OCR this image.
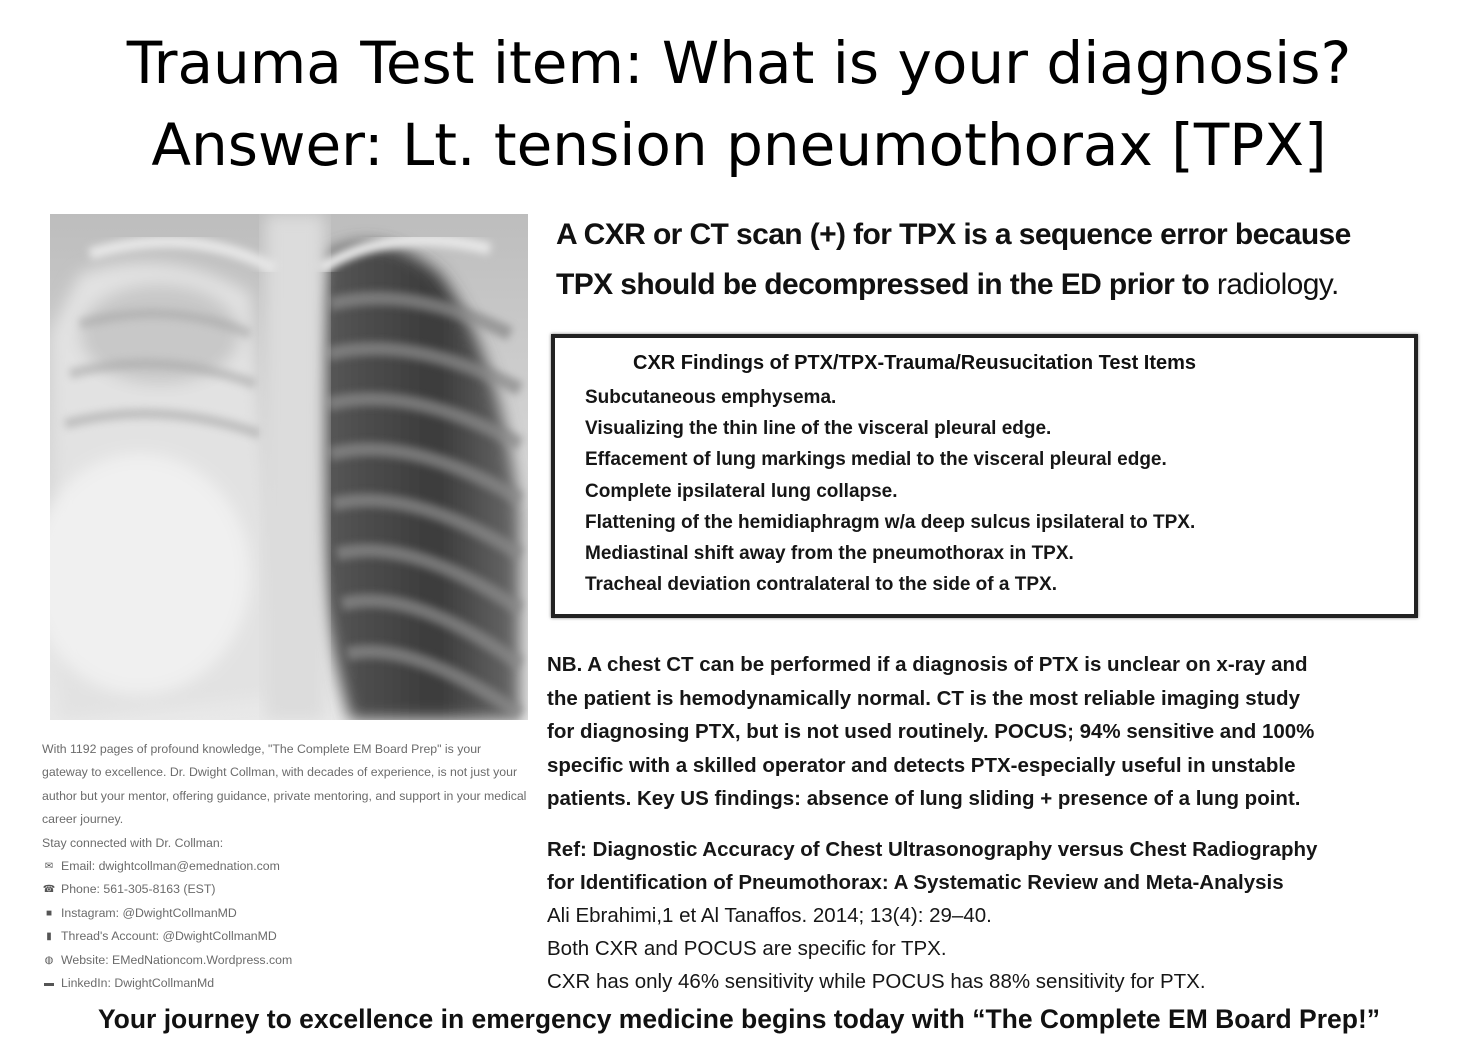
Trauma Test item: What is your diagnosis?
Answer: Lt. tension pneumothorax [TPX]

With 1192 pages of profound knowledge, "The Complete EM Board Prep" is your gateway to excellence. Dr. Dwight Collman, with decades of experience, is not just your author but your mentor, offering guidance, private mentoring, and support in your medical career journey.

Stay connected with Dr. Collman:

✉ Email: dwightcollman@emednation.com
☎ Phone: 561-305-8163 (EST)
■ Instagram: @DwightCollmanMD
▮ Thread's Account: @DwightCollmanMD
◍ Website: EMedNationcom.Wordpress.com
▬ LinkedIn: DwightCollmanMd
A CXR or CT scan (+) for TPX is a sequence error because
TPX should be decompressed in the ED prior to radiology.
CXR Findings of PTX/TPX-Trauma/Reusucitation Test Items
Subcutaneous emphysema.
Visualizing the thin line of the visceral pleural edge.
Effacement of lung markings medial to the visceral pleural edge.
Complete ipsilateral lung collapse.
Flattening of the hemidiaphragm w/a deep sulcus ipsilateral to TPX.
Mediastinal shift away from the pneumothorax in TPX.
Tracheal deviation contralateral to the side of a TPX.

NB. A chest CT can be performed if a diagnosis of PTX is unclear on x-ray and

the patient is hemodynamically normal. CT is the most reliable imaging study

for diagnosing PTX, but is not used routinely. POCUS; 94% sensitive and 100%

specific with a skilled operator and detects PTX-especially useful in unstable

patients. Key US findings: absence of lung sliding + presence of a lung point.

Ref: Diagnostic Accuracy of Chest Ultrasonography versus Chest Radiography

for Identification of Pneumothorax: A Systematic Review and Meta-Analysis

Ali Ebrahimi,1 et Al Tanaffos. 2014; 13(4): 29–40.

Both CXR and POCUS are specific for TPX.

CXR has only 46% sensitivity while POCUS has 88% sensitivity for PTX.

Your journey to excellence in emergency medicine begins today with “The Complete EM Board Prep!”
